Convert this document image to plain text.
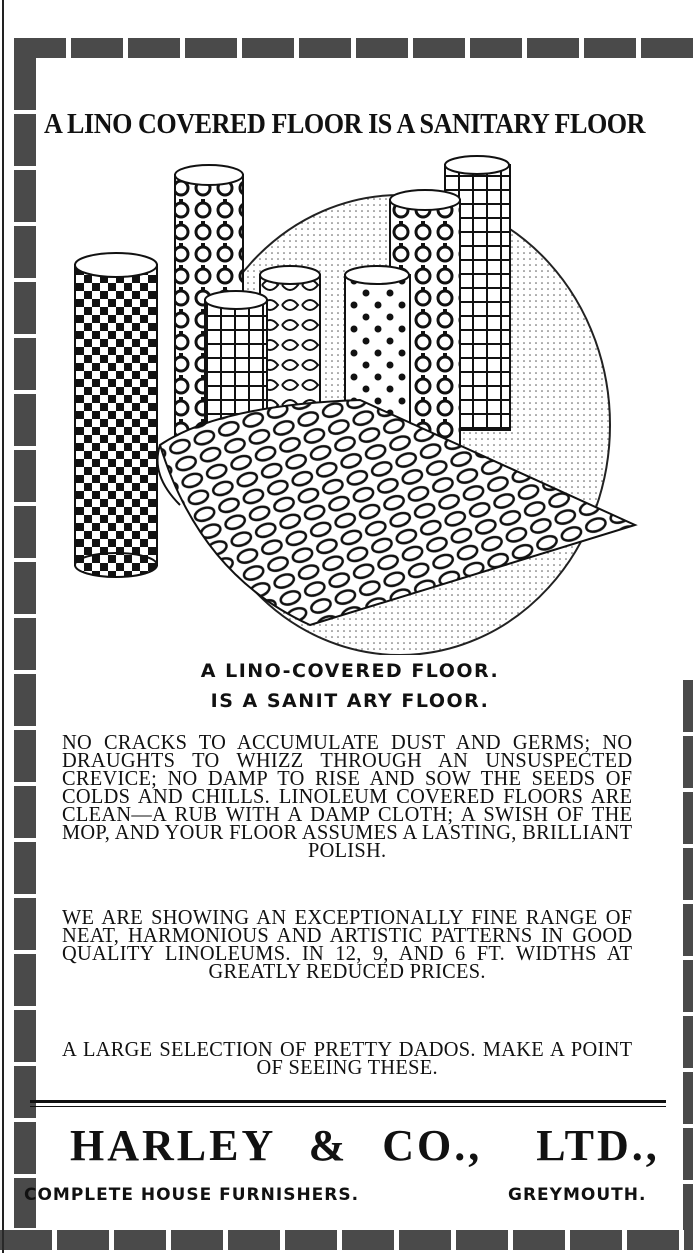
A LINO COVERED FLOOR IS A SANITARY FLOOR
A LINO-COVERED FLOOR.
IS A SANIT ARY FLOOR.
NO CRACKS TO ACCUMULATE DUST AND GERMS; NO DRAUGHTS TO WHIZZ THROUGH AN UNSUSPECTED CREVICE; NO DAMP TO RISE AND SOW THE SEEDS OF COLDS AND CHILLS. LINOLEUM COVERED FLOORS ARE CLEAN—A RUB WITH A DAMP CLOTH; A SWISH OF THE MOP, AND YOUR FLOOR ASSUMES A LASTING, BRILLIANT POLISH.
WE ARE SHOWING AN EXCEPTIONALLY FINE RANGE OF NEAT, HARMONIOUS AND ARTISTIC PATTERNS IN GOOD QUALITY LINOLEUMS. IN 12, 9, AND 6 FT. WIDTHS AT GREATLY REDUCED PRICES.
A LARGE SELECTION OF PRETTY DADOS. MAKE A POINT OF SEEING THESE.
HARLEY & CO., LTD.,
COMPLETE HOUSE FURNISHERS.	GREYMOUTH.
